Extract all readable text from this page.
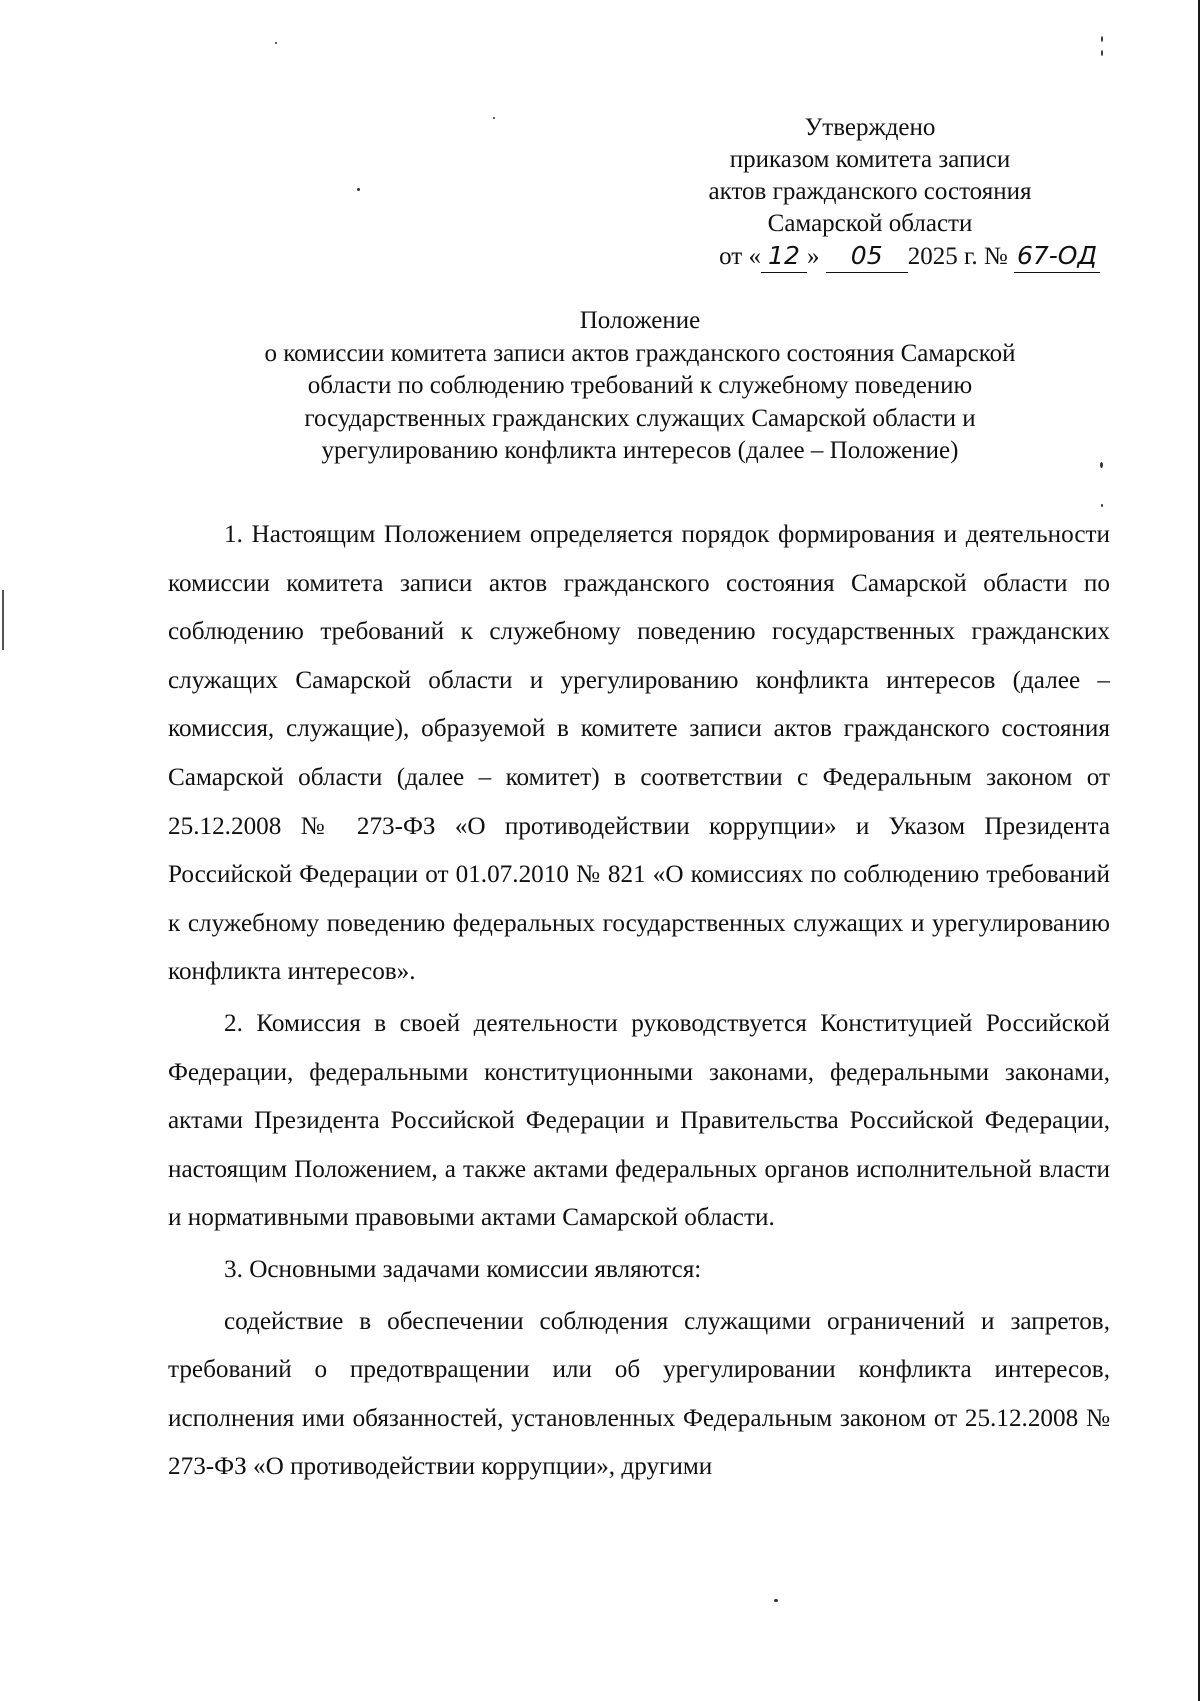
Утверждено
приказом комитета записи
актов гражданского состояния
Самарской области
от « 12 » 05 2025 г. № 67-ОД
Положение
о комиссии комитета записи актов гражданского состояния Самарской
области по соблюдению требований к служебному поведению
государственных гражданских служащих Самарской области и
урегулированию конфликта интересов (далее – Положение)

1. Настоящим Положением определяется порядок формирования и деятельности комиссии комитета записи актов гражданского состояния Самарской области по соблюдению требований к служебному поведению государственных гражданских служащих Самарской области и урегулированию конфликта интересов (далее – комиссия, служащие), образуемой в комитете записи актов гражданского состояния Самарской области (далее – комитет) в соответствии с Федеральным законом от 25.12.2008 № 273-ФЗ «О противодействии коррупции» и Указом Президента Российской Федерации от 01.07.2010 № 821 «О комиссиях по соблюдению требований к служебному поведению федеральных государственных служащих и урегулированию конфликта интересов».

2. Комиссия в своей деятельности руководствуется Конституцией Российской Федерации, федеральными конституционными законами, федеральными законами, актами Президента Российской Федерации и Правительства Российской Федерации, настоящим Положением, а также актами федеральных органов исполнительной власти и нормативными правовыми актами Самарской области.

3. Основными задачами комиссии являются:

содействие в обеспечении соблюдения служащими ограничений и запретов, требований о предотвращении или об урегулировании конфликта интересов, исполнения ими обязанностей, установленных Федеральным законом от 25.12.2008 № 273-ФЗ «О противодействии коррупции», другими
